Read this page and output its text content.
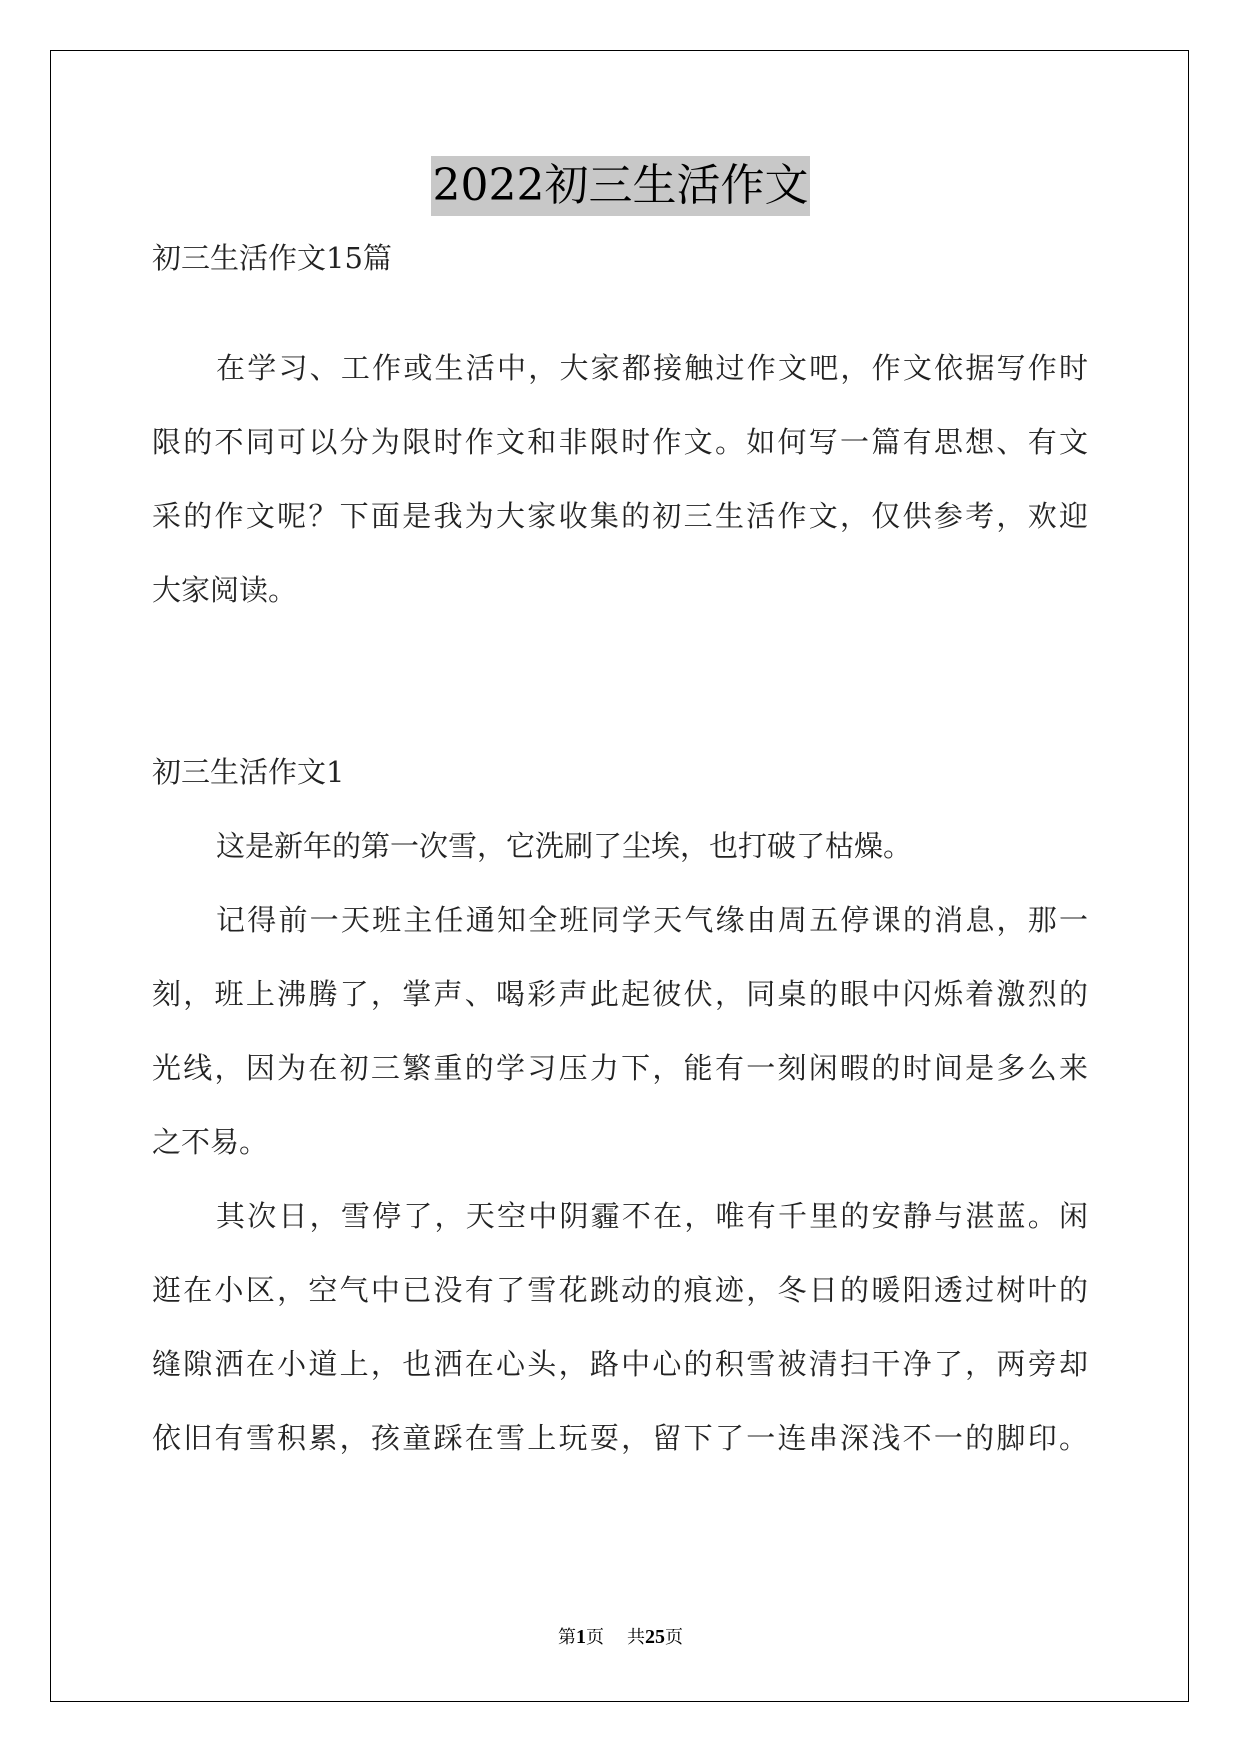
2022初三生活作文
初三生活作文15篇
在学习、工作或生活中，大家都接触过作文吧，作文依据写作时
限的不同可以分为限时作文和非限时作文。如何写一篇有思想、有文
采的作文呢？下面是我为大家收集的初三生活作文，仅供参考，欢迎
大家阅读。
初三生活作文1
这是新年的第一次雪，它洗刷了尘埃，也打破了枯燥。
记得前一天班主任通知全班同学天气缘由周五停课的消息，那一
刻，班上沸腾了，掌声、喝彩声此起彼伏，同桌的眼中闪烁着激烈的
光线，因为在初三繁重的学习压力下，能有一刻闲暇的时间是多么来
之不易。
其次日，雪停了，天空中阴霾不在，唯有千里的安静与湛蓝。闲
逛在小区，空气中已没有了雪花跳动的痕迹，冬日的暖阳透过树叶的
缝隙洒在小道上，也洒在心头，路中心的积雪被清扫干净了，两旁却
依旧有雪积累，孩童踩在雪上玩耍，留下了一连串深浅不一的脚印。
第1页 共25页
